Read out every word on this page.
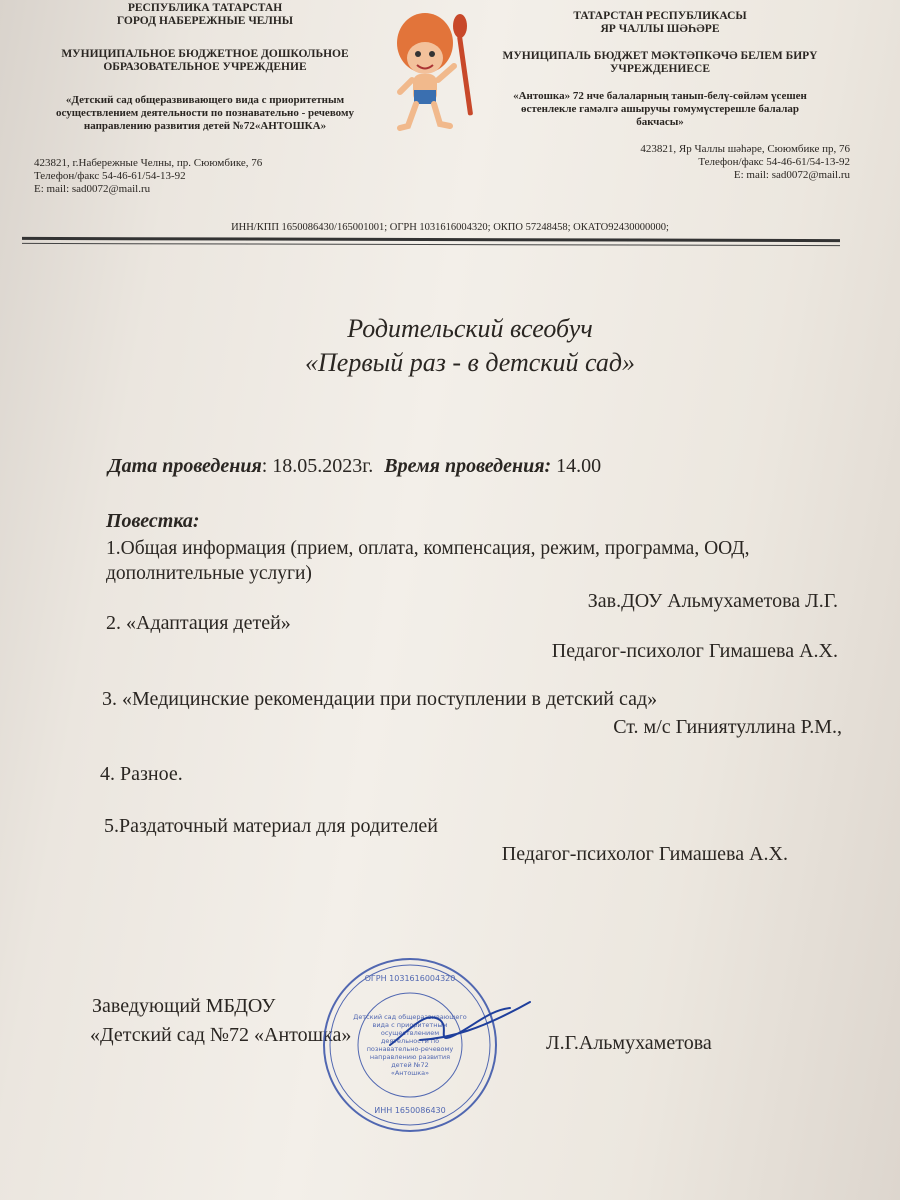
РЕСПУБЛИКА ТАТАРСТАН
ГОРОД НАБЕРЕЖНЫЕ ЧЕЛНЫ
МУНИЦИПАЛЬНОЕ БЮДЖЕТНОЕ ДОШКОЛЬНОЕ
ОБРАЗОВАТЕЛЬНОЕ УЧРЕЖДЕНИЕ
«Детский сад общеразвивающего вида с приоритетным
осуществлением деятельности по познавательно - речевому
направлению развития детей №72«АНТОШКА»
423821, г.Набережные Челны, пр. Сююмбике, 76
Телефон/факс 54-46-61/54-13-92
E: mail: sad0072@mail.ru
ТАТАРСТАН РЕСПУБЛИКАСЫ
ЯР ЧАЛЛЫ ШӘҺӘРЕ
МУНИЦИПАЛЬ БЮДЖЕТ МӘКТӘПКӘЧӘ БЕЛЕМ БИРҮ
УЧРЕЖДЕНИЕСЕ
«Антошка» 72 нче балаларның танып-белү-сөйләм үсешен
өстенлекле гамәлгә ашыручы гомумүстерешле балалар
бакчасы»
423821, Яр Чаллы шәһәре, Сююмбике пр, 76
Телефон/факс 54-46-61/54-13-92
E: mail: sad0072@mail.ru
ИНН/КПП 1650086430/165001001; ОГРН 1031616004320; ОКПО 57248458; ОКАТО92430000000;
Родительский всеобуч
«Первый раз - в детский сад»
Дата проведения: 18.05.2023г. Время проведения: 14.00
Повестка:
1.Общая информация (прием, оплата, компенсация, режим, программа, ООД,
дополнительные услуги)
Зав.ДОУ Альмухаметова Л.Г.
2. «Адаптация детей»
Педагог-психолог Гимашева А.Х.
3. «Медицинские рекомендации при поступлении в детский сад»
Ст. м/с Гиниятуллина Р.М.,
4. Разное.
5.Раздаточный материал для родителей
Педагог-психолог Гимашева А.Х.
Заведующий МБДОУ
«Детский сад №72 «Антошка»	Л.Г.Альмухаметова
ОГРН 1031616004320
Детский сад общеразвивающего
вида с приоритетным
осуществлением
деятельности по
познавательно-речевому
направлению развития
детей №72
«Антошка»
ИНН 1650086430
